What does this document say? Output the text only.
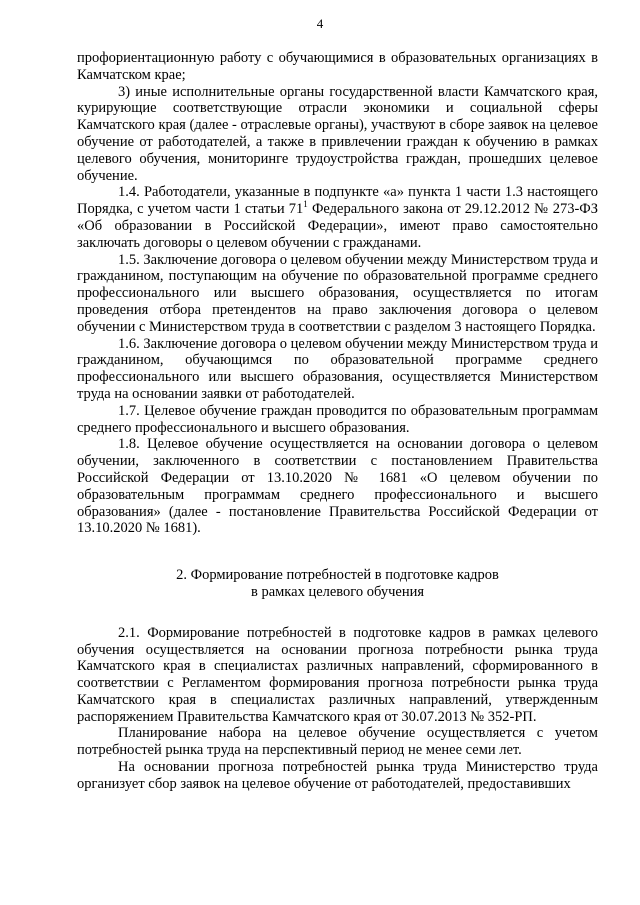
4

профориентационную работу с обучающимися в образовательных организациях в Камчатском крае;

3) иные исполнительные органы государственной власти Камчатского края, курирующие соответствующие отрасли экономики и социальной сферы Камчатского края (далее - отраслевые органы), участвуют в сборе заявок на целевое обучение от работодателей, а также в привлечении граждан к обучению в рамках целевого обучения, мониторинге трудоустройства граждан, прошедших целевое обучение.

1.4. Работодатели, указанные в подпункте «а» пункта 1 части 1.3 настоящего Порядка, с учетом части 1 статьи $71^1$ Федерального закона от 29.12.2012 № 273-ФЗ «Об образовании в Российской Федерации», имеют право самостоятельно заключать договоры о целевом обучении с гражданами.

1.5. Заключение договора о целевом обучении между Министерством труда и гражданином, поступающим на обучение по образовательной программе среднего профессионального или высшего образования, осуществляется по итогам проведения отбора претендентов на право заключения договора о целевом обучении с Министерством труда в соответствии с разделом 3 настоящего Порядка.

1.6. Заключение договора о целевом обучении между Министерством труда и гражданином, обучающимся по образовательной программе среднего профессионального или высшего образования, осуществляется Министерством труда на основании заявки от работодателей.

1.7. Целевое обучение граждан проводится по образовательным программам среднего профессионального и высшего образования.

1.8. Целевое обучение осуществляется на основании договора о целевом обучении, заключенного в соответствии с постановлением Правительства Российской Федерации от 13.10.2020 № 1681 «О целевом обучении по образовательным программам среднего профессионального и высшего образования» (далее - постановление Правительства Российской Федерации от 13.10.2020 № 1681).

2. Формирование потребностей в подготовке кадров

в рамках целевого обучения

2.1. Формирование потребностей в подготовке кадров в рамках целевого обучения осуществляется на основании прогноза потребности рынка труда Камчатского края в специалистах различных направлений, сформированного в соответствии с Регламентом формирования прогноза потребности рынка труда Камчатского края в специалистах различных направлений, утвержденным распоряжением Правительства Камчатского края от 30.07.2013 № 352-РП.

Планирование набора на целевое обучение осуществляется с учетом потребностей рынка труда на перспективный период не менее семи лет.

На основании прогноза потребностей рынка труда Министерство труда организует сбор заявок на целевое обучение от работодателей, предоставивших
